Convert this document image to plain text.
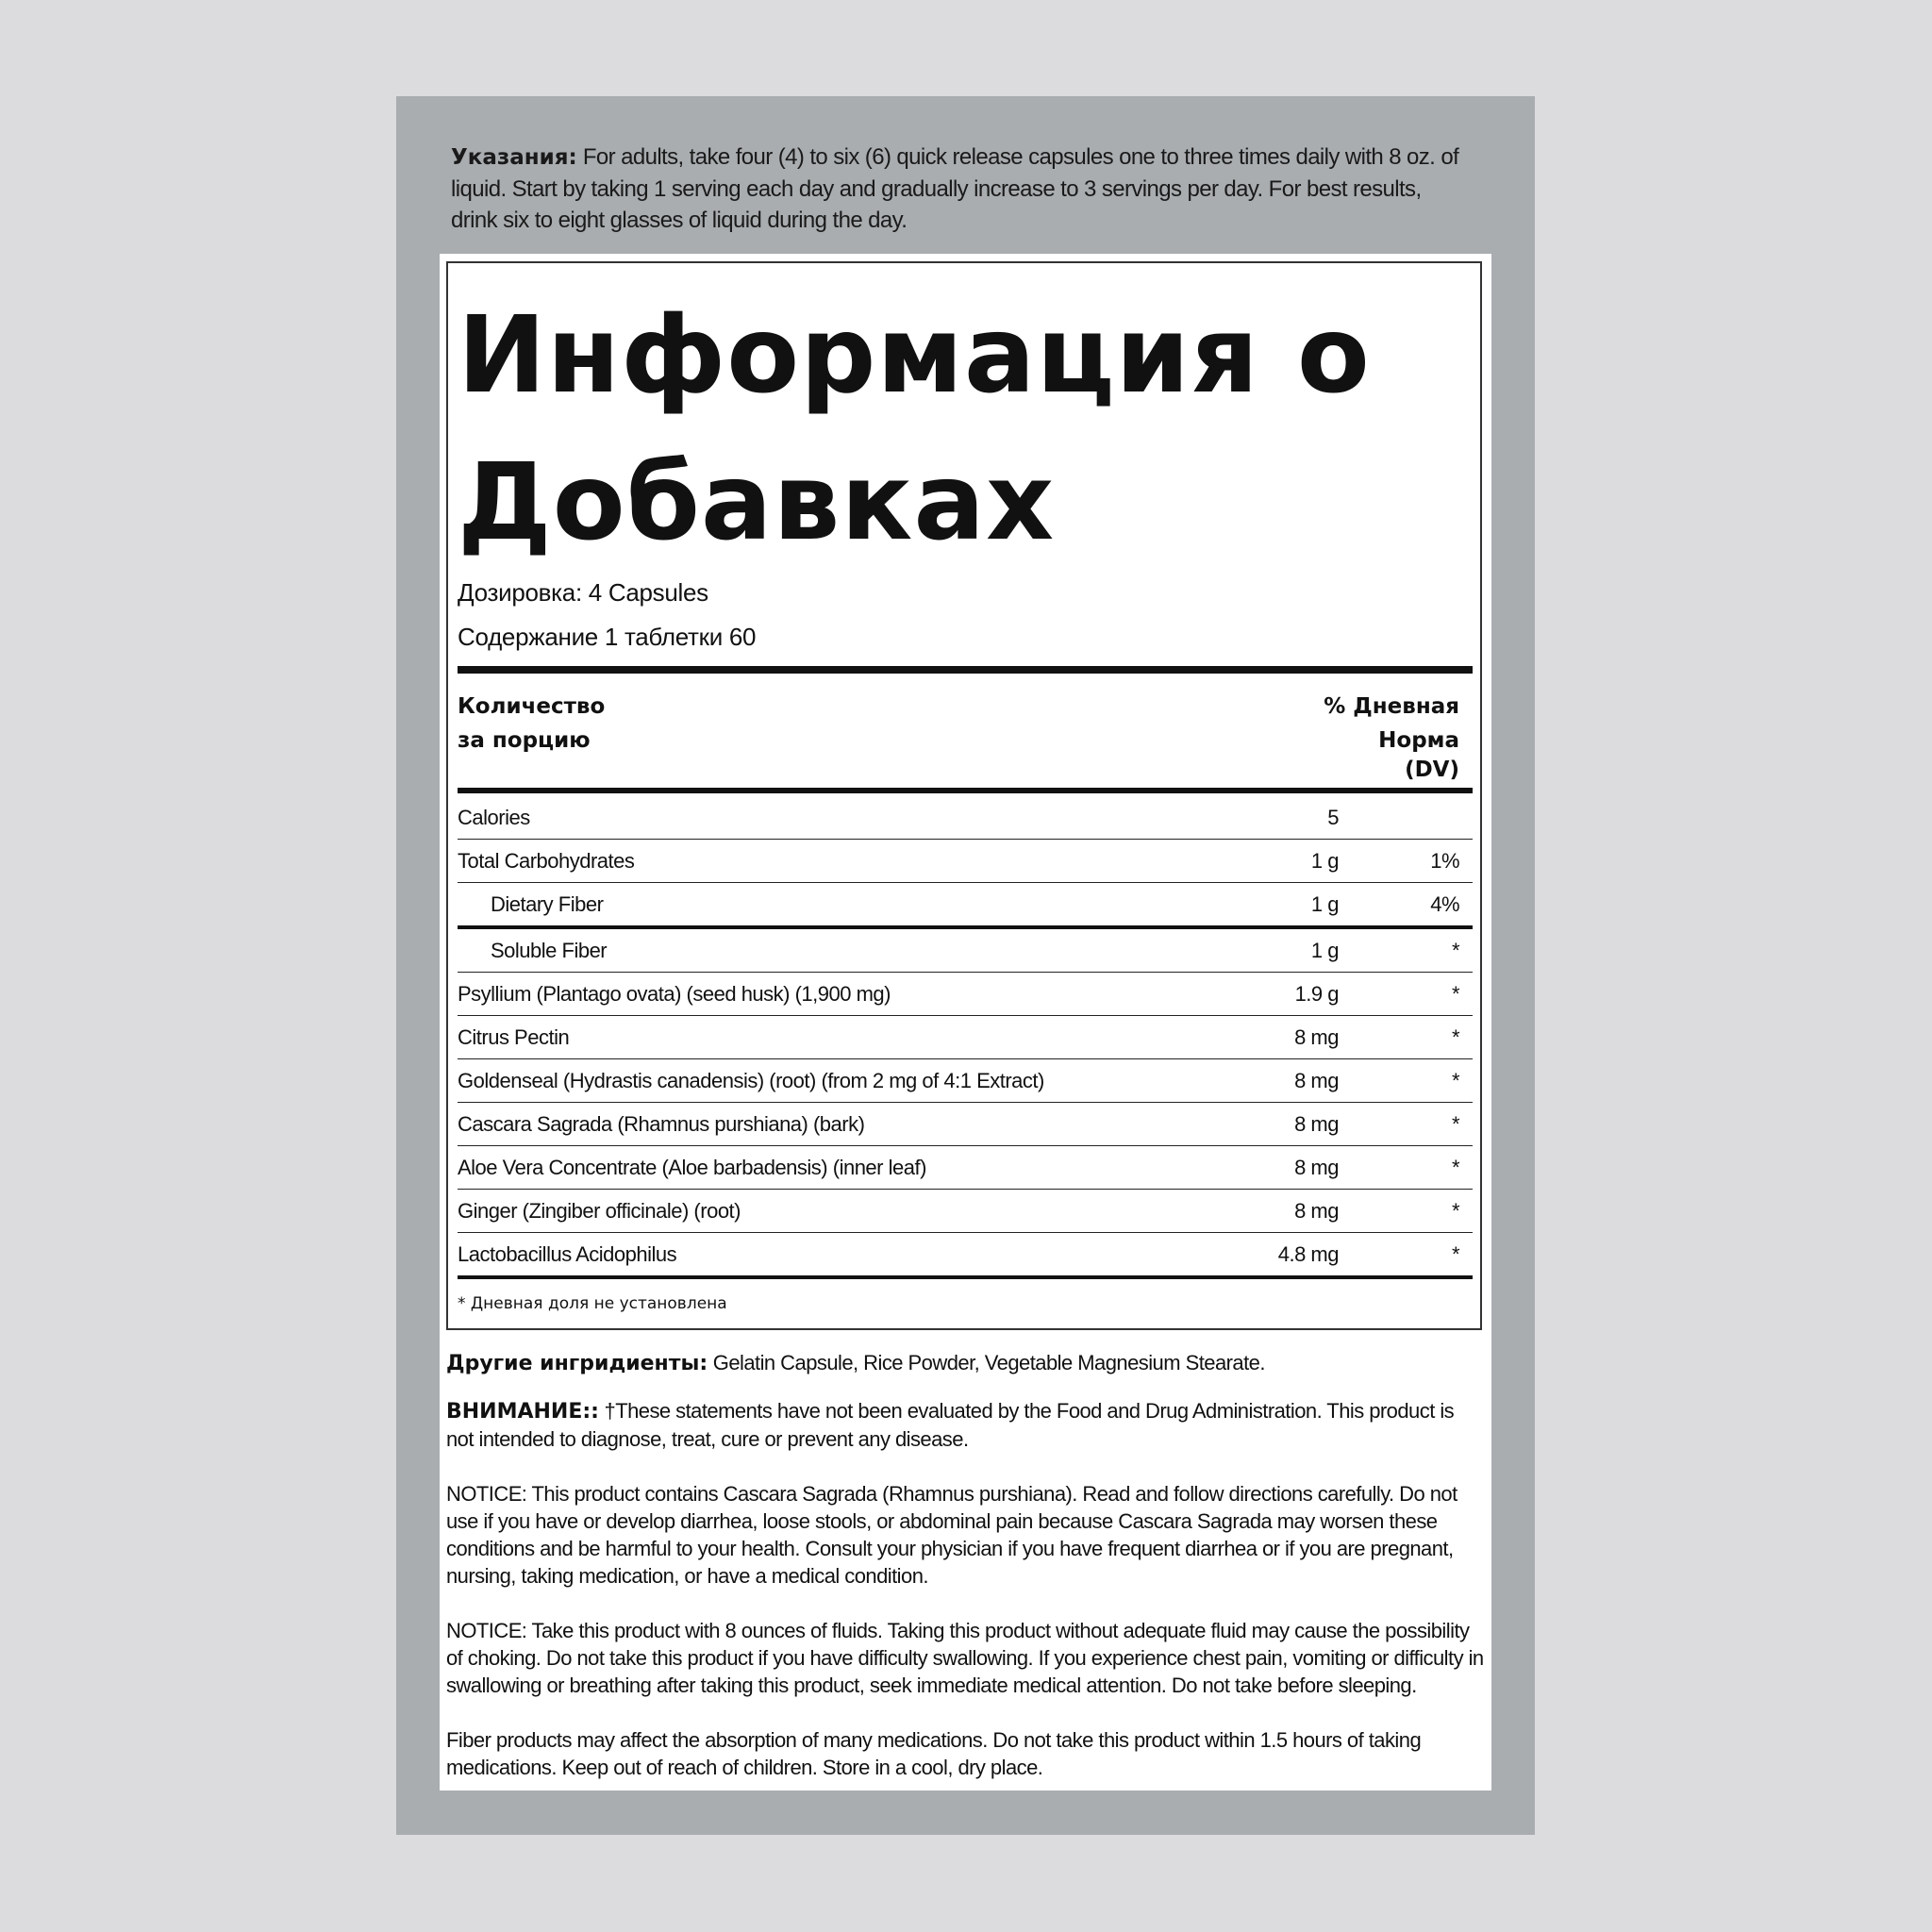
Указания: For adults, take four (4) to six (6) quick release capsules one to three times daily with 8 oz. of liquid. Start by taking 1 serving each day and gradually increase to 3 servings per day. For best results, drink six to eight glasses of liquid during the day.
Информация о
Добавках
Дозировка: 4 Capsules
Содержание 1 таблетки 60
Количество
за порцию
% Дневная
Норма
(DV)
Calories	5
Total Carbohydrates	1 g	1%
Dietary Fiber	1 g	4%
Soluble Fiber	1 g	*
Psyllium (Plantago ovata) (seed husk) (1,900 mg)	1.9 g	*
Citrus Pectin	8 mg	*
Goldenseal (Hydrastis canadensis) (root) (from 2 mg of 4:1 Extract)	8 mg	*
Cascara Sagrada (Rhamnus purshiana) (bark)	8 mg	*
Aloe Vera Concentrate (Aloe barbadensis) (inner leaf)	8 mg	*
Ginger (Zingiber officinale) (root)	8 mg	*
Lactobacillus Acidophilus	4.8 mg	*
* Дневная доля не установлена

Другие ингридиенты: Gelatin Capsule, Rice Powder, Vegetable Magnesium Stearate.

ВНИМАНИЕ:: †These statements have not been evaluated by the Food and Drug Administration. This product is not intended to diagnose, treat, cure or prevent any disease.

NOTICE: This product contains Cascara Sagrada (Rhamnus purshiana). Read and follow directions carefully. Do not use if you have or develop diarrhea, loose stools, or abdominal pain because Cascara Sagrada may worsen these conditions and be harmful to your health. Consult your physician if you have frequent diarrhea or if you are pregnant, nursing, taking medication, or have a medical condition.

NOTICE: Take this product with 8 ounces of fluids. Taking this product without adequate fluid may cause the possibility of choking. Do not take this product if you have difficulty swallowing. If you experience chest pain, vomiting or difficulty in swallowing or breathing after taking this product, seek immediate medical attention. Do not take before sleeping.

Fiber products may affect the absorption of many medications. Do not take this product within 1.5 hours of taking medications. Keep out of reach of children. Store in a cool, dry place.
